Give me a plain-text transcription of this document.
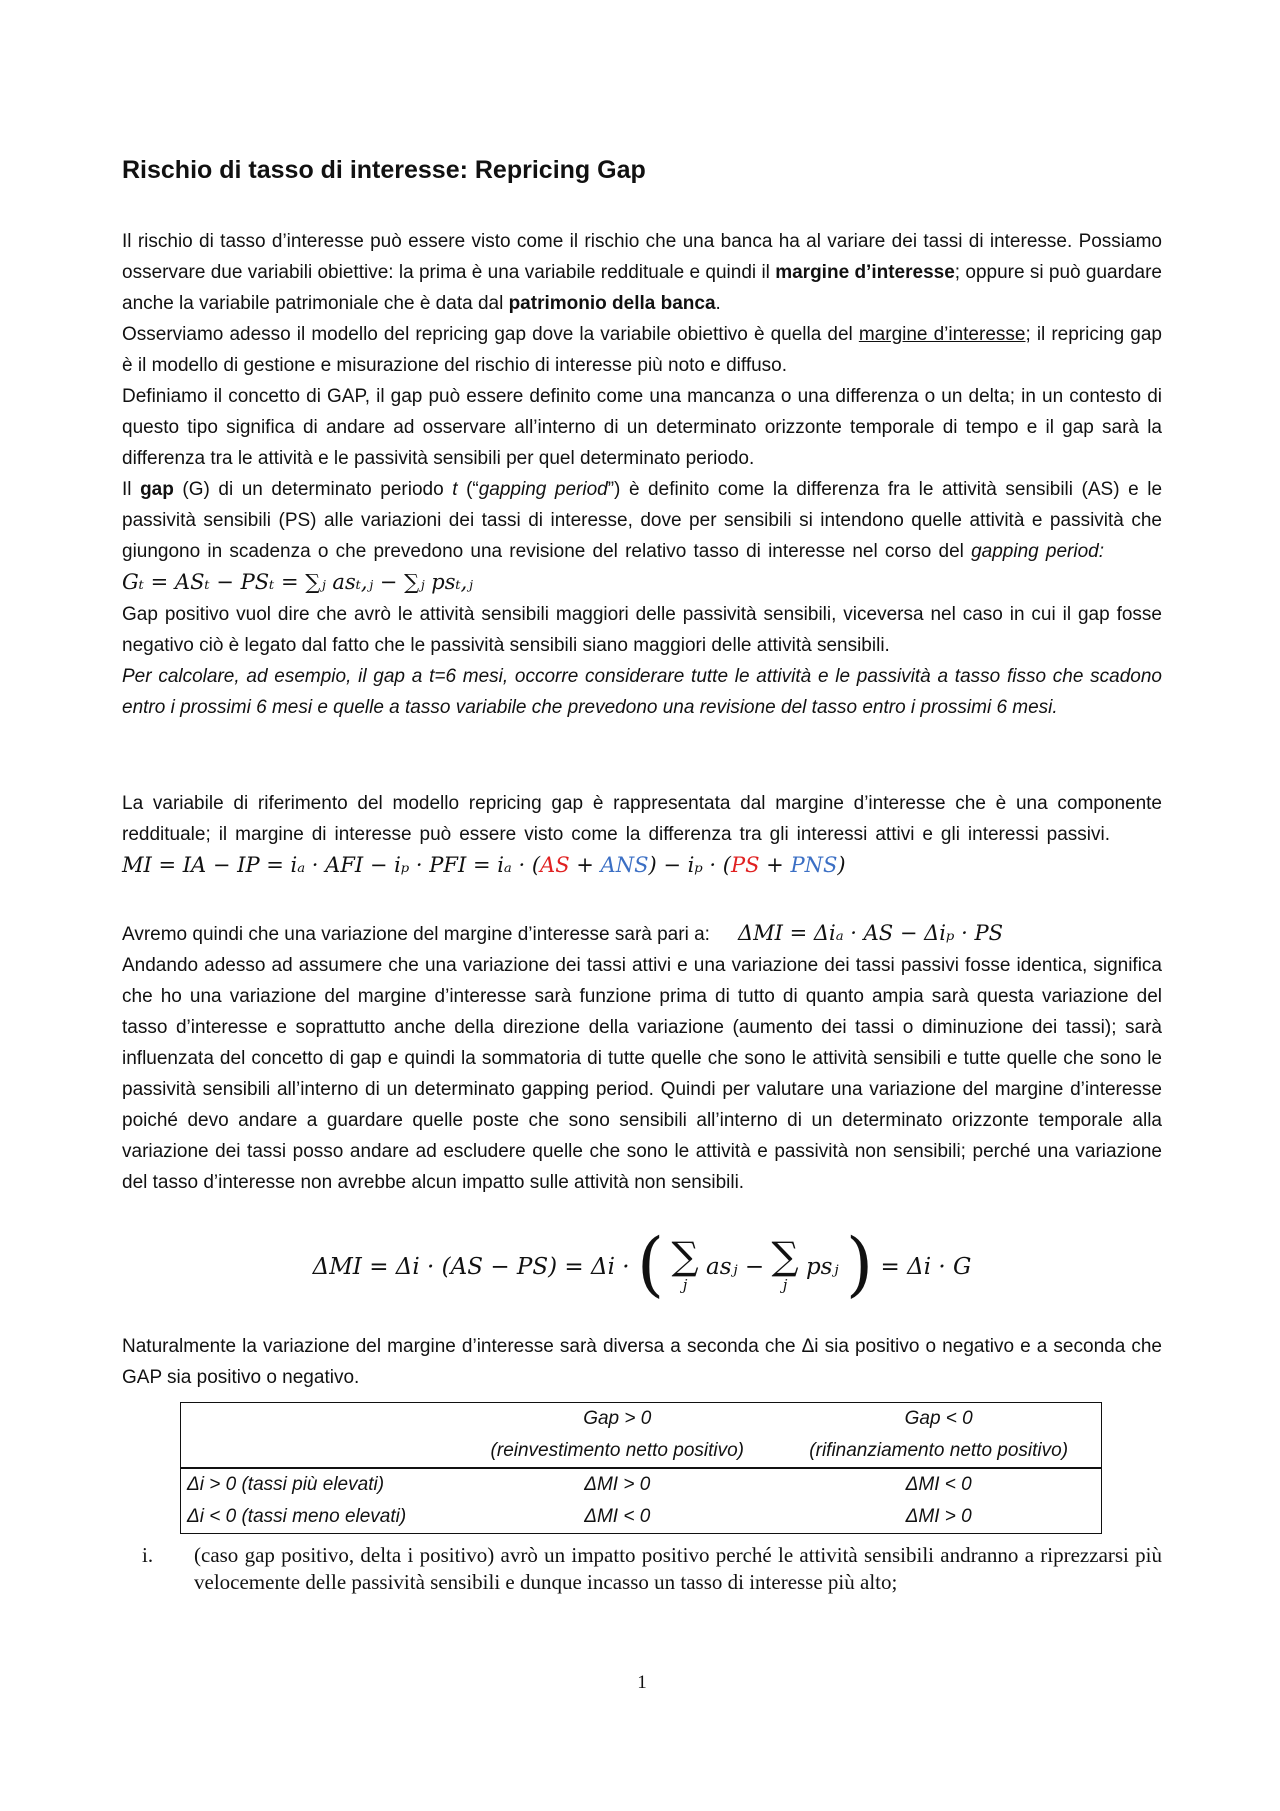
Rischio di tasso di interesse: Repricing Gap

Il rischio di tasso d’interesse può essere visto come il rischio che una banca ha al variare dei tassi di interesse. Possiamo osservare due variabili obiettive: la prima è una variabile reddituale e quindi il margine d’interesse; oppure si può guardare anche la variabile patrimoniale che è data dal patrimonio della banca.

Osserviamo adesso il modello del repricing gap dove la variabile obiettivo è quella del margine d’interesse; il repricing gap è il modello di gestione e misurazione del rischio di interesse più noto e diffuso.

Definiamo il concetto di GAP, il gap può essere definito come una mancanza o una differenza o un delta; in un contesto di questo tipo significa di andare ad osservare all’interno di un determinato orizzonte temporale di tempo e il gap sarà la differenza tra le attività e le passività sensibili per quel determinato periodo.

Il gap (G) di un determinato periodo t (“gapping period”) è definito come la differenza fra le attività sensibili (AS) e le passività sensibili (PS) alle variazioni dei tassi di interesse, dove per sensibili si intendono quelle attività e passività che giungono in scadenza o che prevedono una revisione del relativo tasso di interesse nel corso del gapping period:Gₜ = ASₜ − PSₜ = ∑ⱼ asₜ,ⱼ − ∑ⱼ psₜ,ⱼ

Gap positivo vuol dire che avrò le attività sensibili maggiori delle passività sensibili, viceversa nel caso in cui il gap fosse negativo ciò è legato dal fatto che le passività sensibili siano maggiori delle attività sensibili.

Per calcolare, ad esempio, il gap a t=6 mesi, occorre considerare tutte le attività e le passività a tasso fisso che scadono entro i prossimi 6 mesi e quelle a tasso variabile che prevedono una revisione del tasso entro i prossimi 6 mesi.

La variabile di riferimento del modello repricing gap è rappresentata dal margine d’interesse che è una componente reddituale; il margine di interesse può essere visto come la differenza tra gli interessi attivi e gli interessi passivi.MI = IA − IP = iₐ · AFI − iₚ · PFI = iₐ · (AS + ANS) − iₚ · (PS + PNS)

Avremo quindi che una variazione del margine d’interesse sarà pari a: ΔMI = Δiₐ · AS − Δiₚ · PS

Andando adesso ad assumere che una variazione dei tassi attivi e una variazione dei tassi passivi fosse identica, significa che ho una variazione del margine d’interesse sarà funzione prima di tutto di quanto ampia sarà questa variazione del tasso d’interesse e soprattutto anche della direzione della variazione (aumento dei tassi o diminuzione dei tassi); sarà influenzata del concetto di gap e quindi la sommatoria di tutte quelle che sono le attività sensibili e tutte quelle che sono le passività sensibili all’interno di un determinato gapping period. Quindi per valutare una variazione del margine d’interesse poiché devo andare a guardare quelle poste che sono sensibili all’interno di un determinato orizzonte temporale alla variazione dei tassi posso andare ad escludere quelle che sono le attività e passività non sensibili; perché una variazione del tasso d’interesse non avrebbe alcun impatto sulle attività non sensibili.

ΔMI = Δi · (AS − PS) = Δi · ( ∑
j
asⱼ − ∑
j
psⱼ ) = Δi · G

Naturalmente la variazione del margine d’interesse sarà diversa a seconda che Δi sia positivo o negativo e a seconda che GAP sia positivo o negativo.

	Gap > 0	Gap < 0
	(reinvestimento netto positivo)	(rifinanziamento netto positivo)
Δi > 0 (tassi più elevati)	ΔMI > 0	ΔMI < 0
Δi < 0 (tassi meno elevati)	ΔMI < 0	ΔMI > 0
i. (caso gap positivo, delta i positivo) avrò un impatto positivo perché le attività sensibili andranno a riprezzarsi più velocemente delle passività sensibili e dunque incasso un tasso di interesse più alto;
1
